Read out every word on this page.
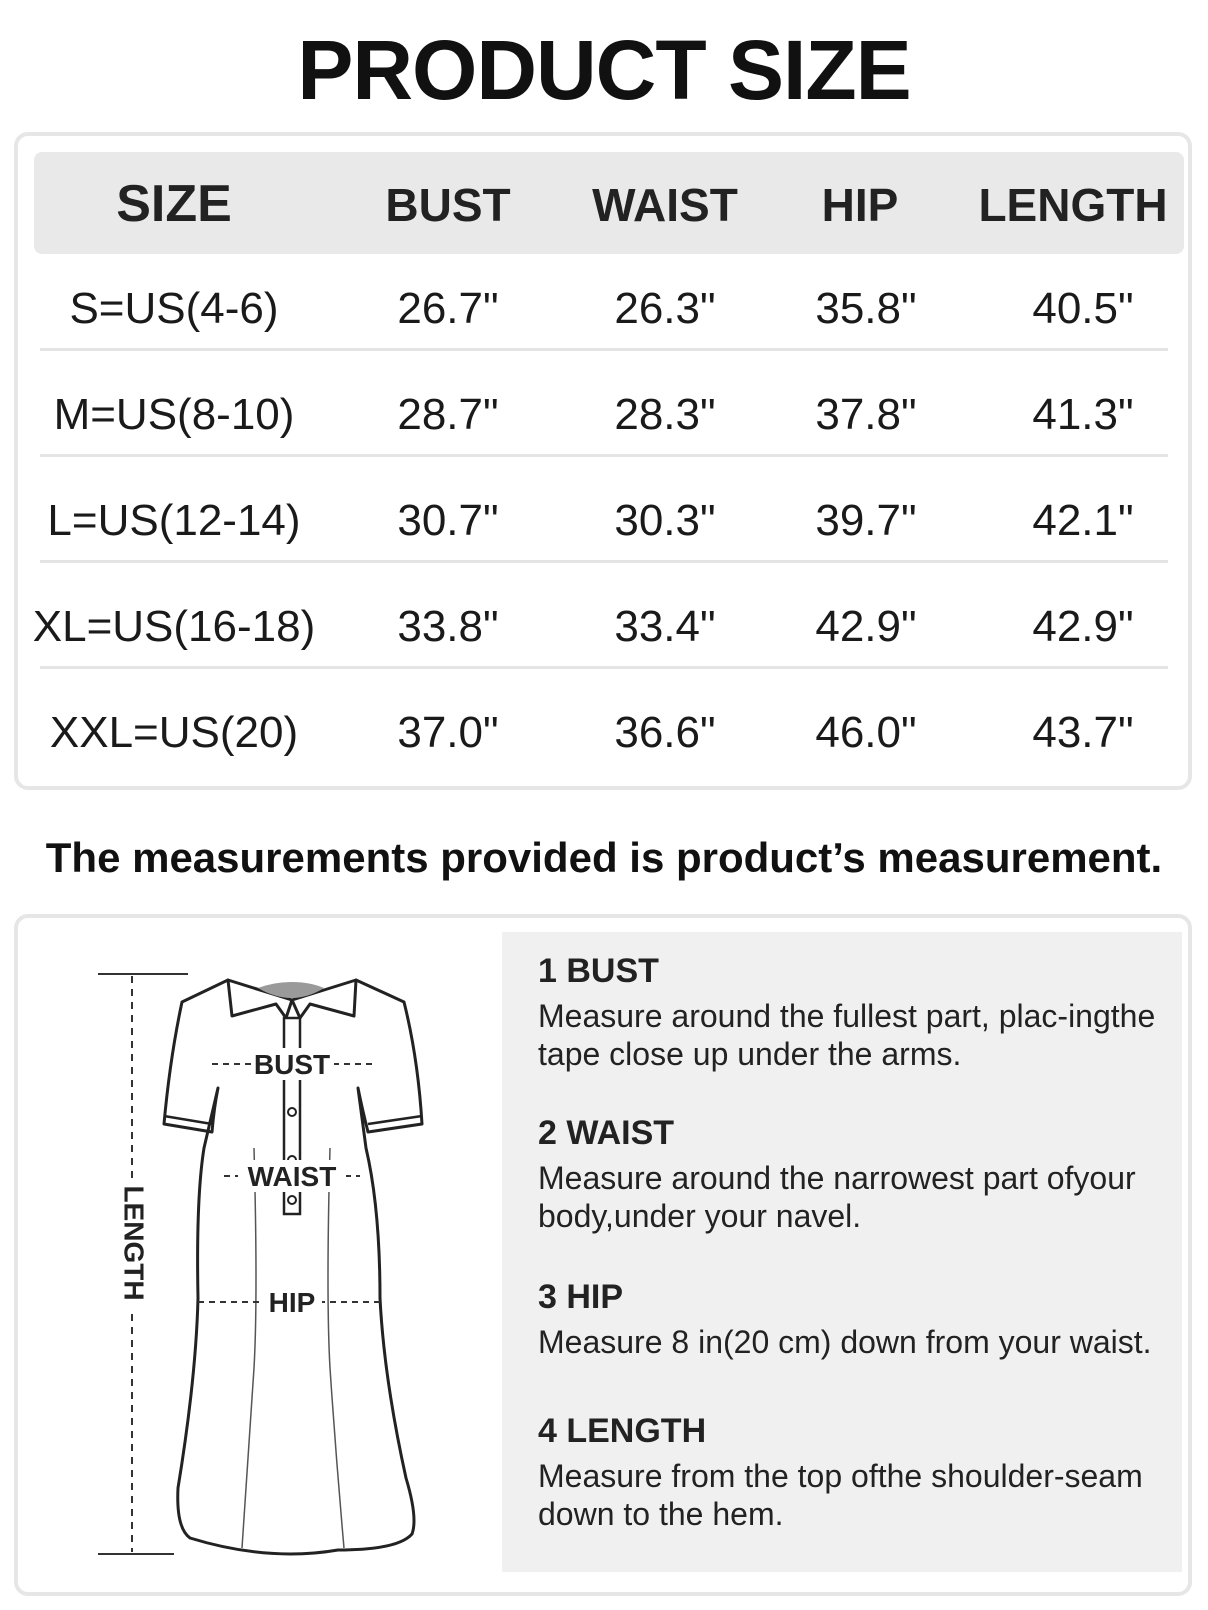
PRODUCT SIZE
SIZE	BUST	WAIST	HIP	LENGTH
S=US(4-6)	26.7"	26.3"	35.8"	40.5"
M=US(8-10)	28.7"	28.3"	37.8"	41.3"
L=US(12-14)	30.7"	30.3"	39.7"	42.1"
XL=US(16-18)	33.8"	33.4"	42.9"	42.9"
XXL=US(20)	37.0"	36.6"	46.0"	43.7"
The measurements provided is product’s measurement.
LENGTH
BUST
WAIST
HIP
1 BUST

Measure around the fullest part, plac-ingthe tape close up under the arms.

2 WAIST

Measure around the narrowest part ofyour body,under your navel.

3 HIP

Measure 8 in(20 cm) down from your waist.

4 LENGTH

Measure from the top ofthe shoulder-seam down to the hem.
